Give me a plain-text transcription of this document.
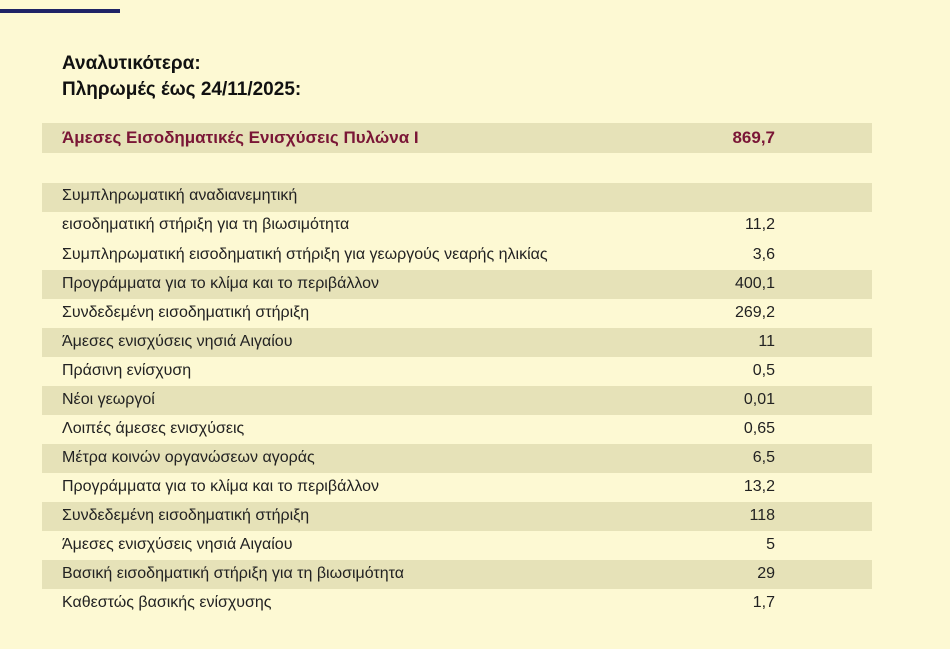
Αναλυτικότερα:
Πληρωμές έως 24/11/2025:
Άμεσες Εισοδηματικές Ενισχύσεις Πυλώνα Ι	869,7
Συμπληρωματική αναδιανεμητική
εισοδηματική στήριξη για τη βιωσιμότητα	11,2
Συμπληρωματική εισοδηματική στήριξη για γεωργούς νεαρής ηλικίας	3,6
Προγράμματα για το κλίμα και το περιβάλλον	400,1
Συνδεδεμένη εισοδηματική στήριξη	269,2
Άμεσες ενισχύσεις νησιά Αιγαίου	11
Πράσινη ενίσχυση	0,5
Νέοι γεωργοί	0,01
Λοιπές άμεσες ενισχύσεις	0,65
Μέτρα κοινών οργανώσεων αγοράς	6,5
Προγράμματα για το κλίμα και το περιβάλλον	13,2
Συνδεδεμένη εισοδηματική στήριξη	118
Άμεσες ενισχύσεις νησιά Αιγαίου	5
Βασική εισοδηματική στήριξη για τη βιωσιμότητα	29
Καθεστώς βασικής ενίσχυσης	1,7
